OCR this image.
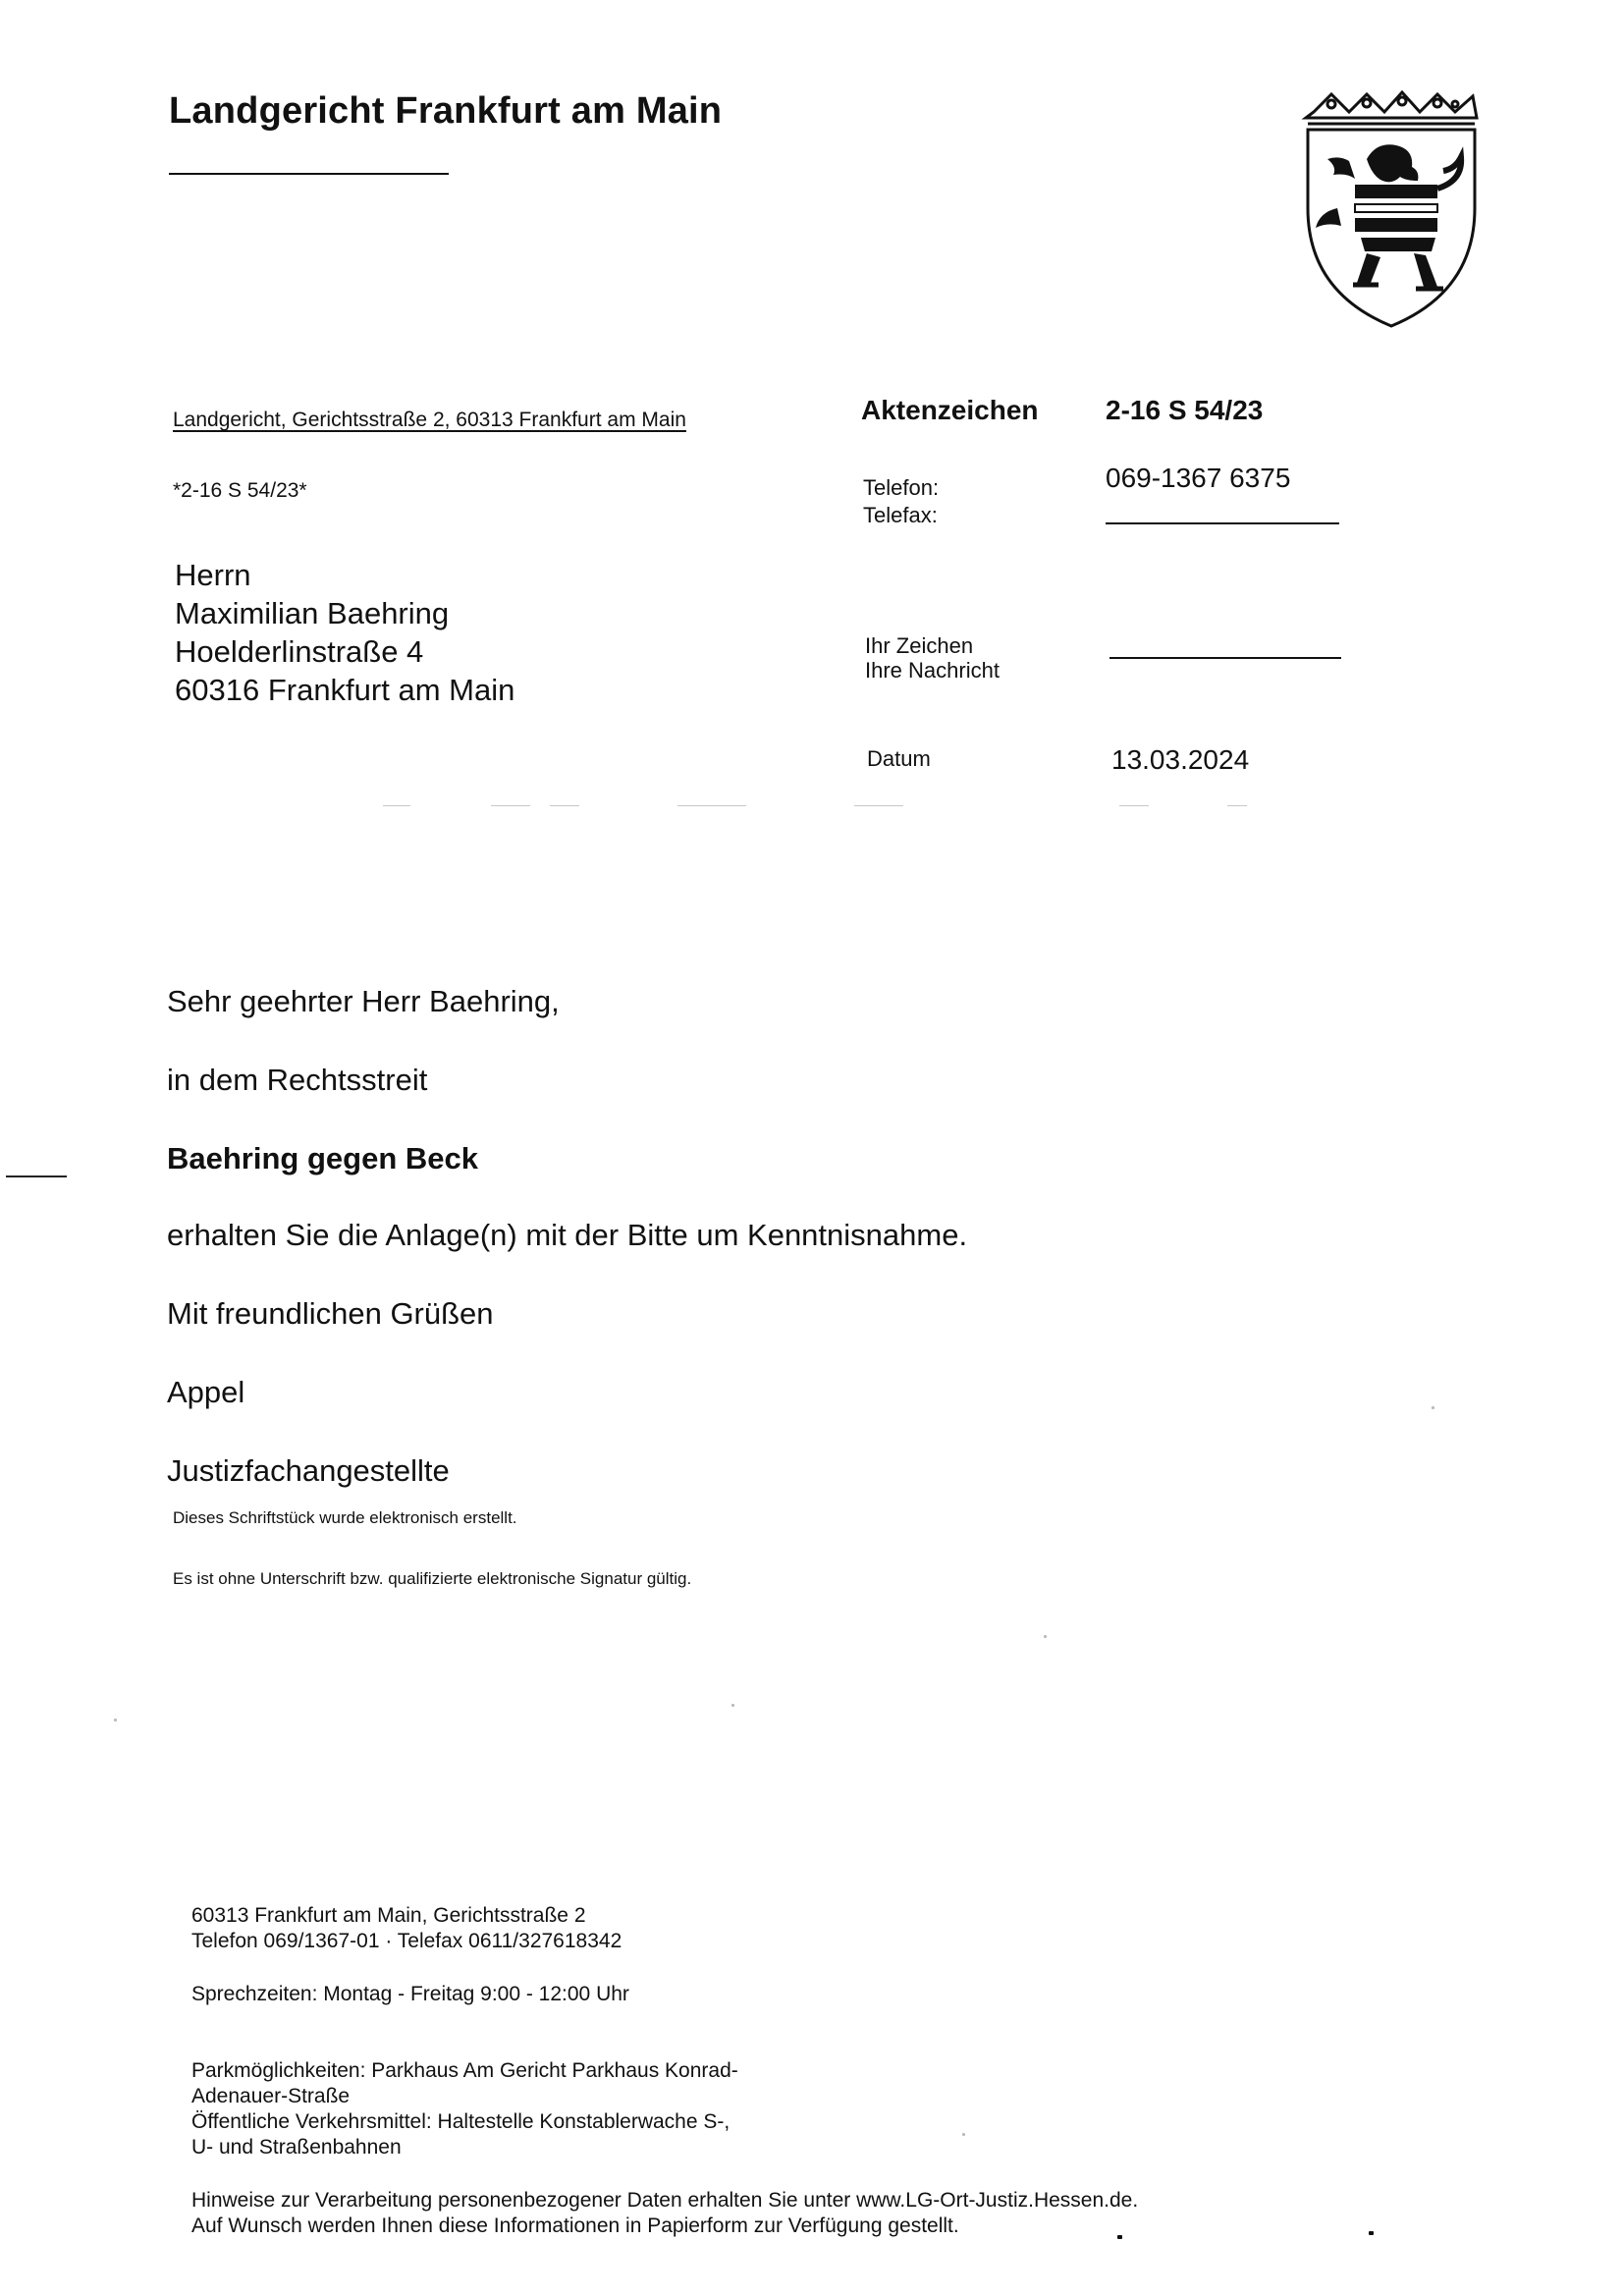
Landgericht Frankfurt am Main
Landgericht, Gerichtsstraße 2, 60313 Frankfurt am Main
*2-16 S 54/23*
Herrn
Maximilian Baehring
Hoelderlinstraße 4
60316 Frankfurt am Main
Aktenzeichen 2-16 S 54/23
Telefon:
Telefax:
069-1367 6375
Ihr Zeichen
Ihre Nachricht
Datum	13.03.2024
Sehr geehrter Herr Baehring,
in dem Rechtsstreit
Baehring gegen Beck
erhalten Sie die Anlage(n) mit der Bitte um Kenntnisnahme.
Mit freundlichen Grüßen
Appel
Justizfachangestellte
Dieses Schriftstück wurde elektronisch erstellt.
Es ist ohne Unterschrift bzw. qualifizierte elektronische Signatur gültig.
60313 Frankfurt am Main, Gerichtsstraße 2
Telefon 069/1367-01 · Telefax 0611/327618342
Sprechzeiten: Montag - Freitag 9:00 - 12:00 Uhr
Parkmöglichkeiten: Parkhaus Am Gericht Parkhaus Konrad-
Adenauer-Straße
Öffentliche Verkehrsmittel: Haltestelle Konstablerwache S-,
U- und Straßenbahnen
Hinweise zur Verarbeitung personenbezogener Daten erhalten Sie unter www.LG-Ort-Justiz.Hessen.de.
Auf Wunsch werden Ihnen diese Informationen in Papierform zur Verfügung gestellt.
